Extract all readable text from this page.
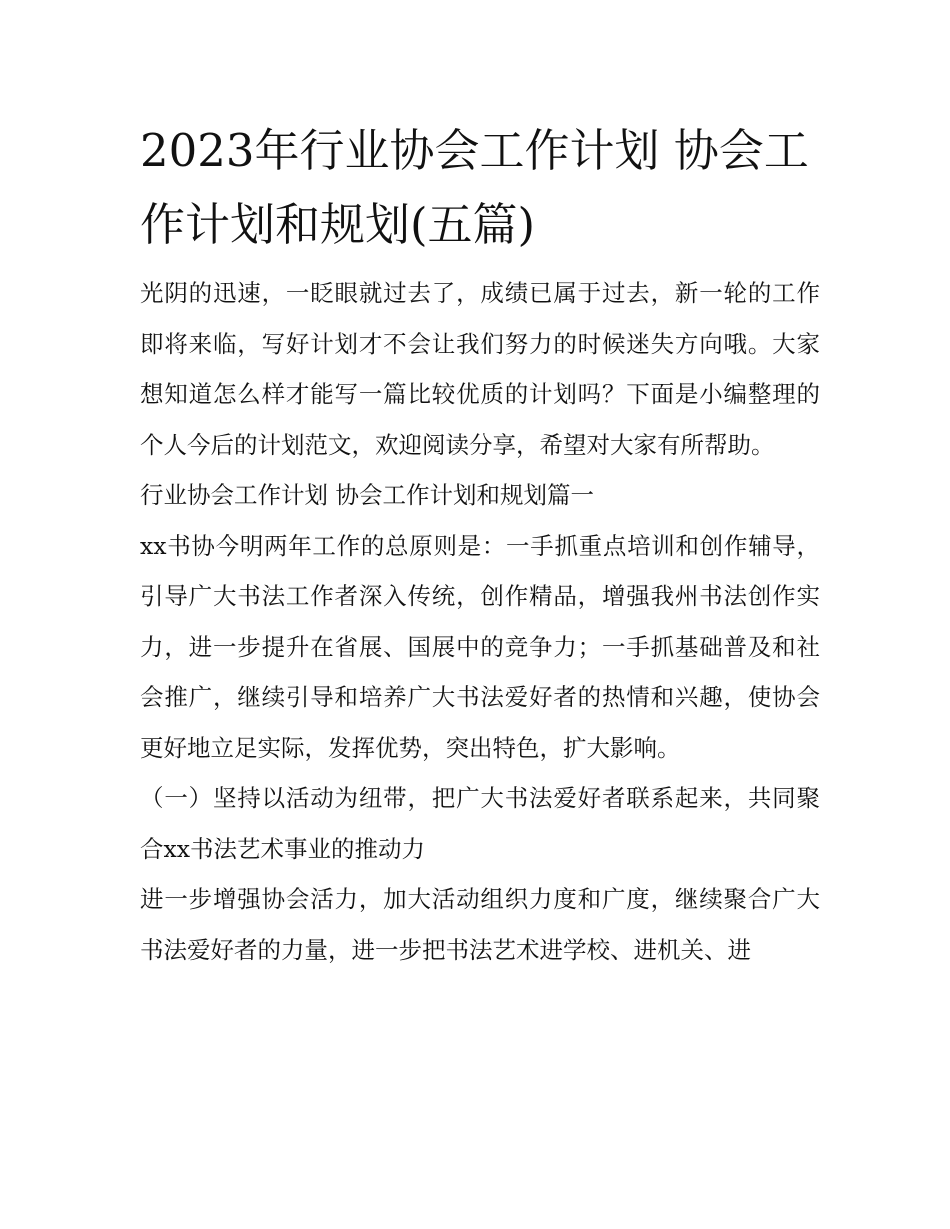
2023年行业协会工作计划 协会工作计划和规划(五篇)

光阴的迅速，一眨眼就过去了，成绩已属于过去，新一轮的工作即将来临，写好计划才不会让我们努力的时候迷失方向哦。大家想知道怎么样才能写一篇比较优质的计划吗？下面是小编整理的个人今后的计划范文，欢迎阅读分享，希望对大家有所帮助。

行业协会工作计划 协会工作计划和规划篇一

xx书协今明两年工作的总原则是：一手抓重点培训和创作辅导，引导广大书法工作者深入传统，创作精品，增强我州书法创作实力，进一步提升在省展、国展中的竞争力；一手抓基础普及和社会推广，继续引导和培养广大书法爱好者的热情和兴趣，使协会更好地立足实际，发挥优势，突出特色，扩大影响。

（一）坚持以活动为纽带，把广大书法爱好者联系起来，共同聚合xx书法艺术事业的推动力

进一步增强协会活力，加大活动组织力度和广度，继续聚合广大书法爱好者的力量，进一步把书法艺术进学校、进机关、进
